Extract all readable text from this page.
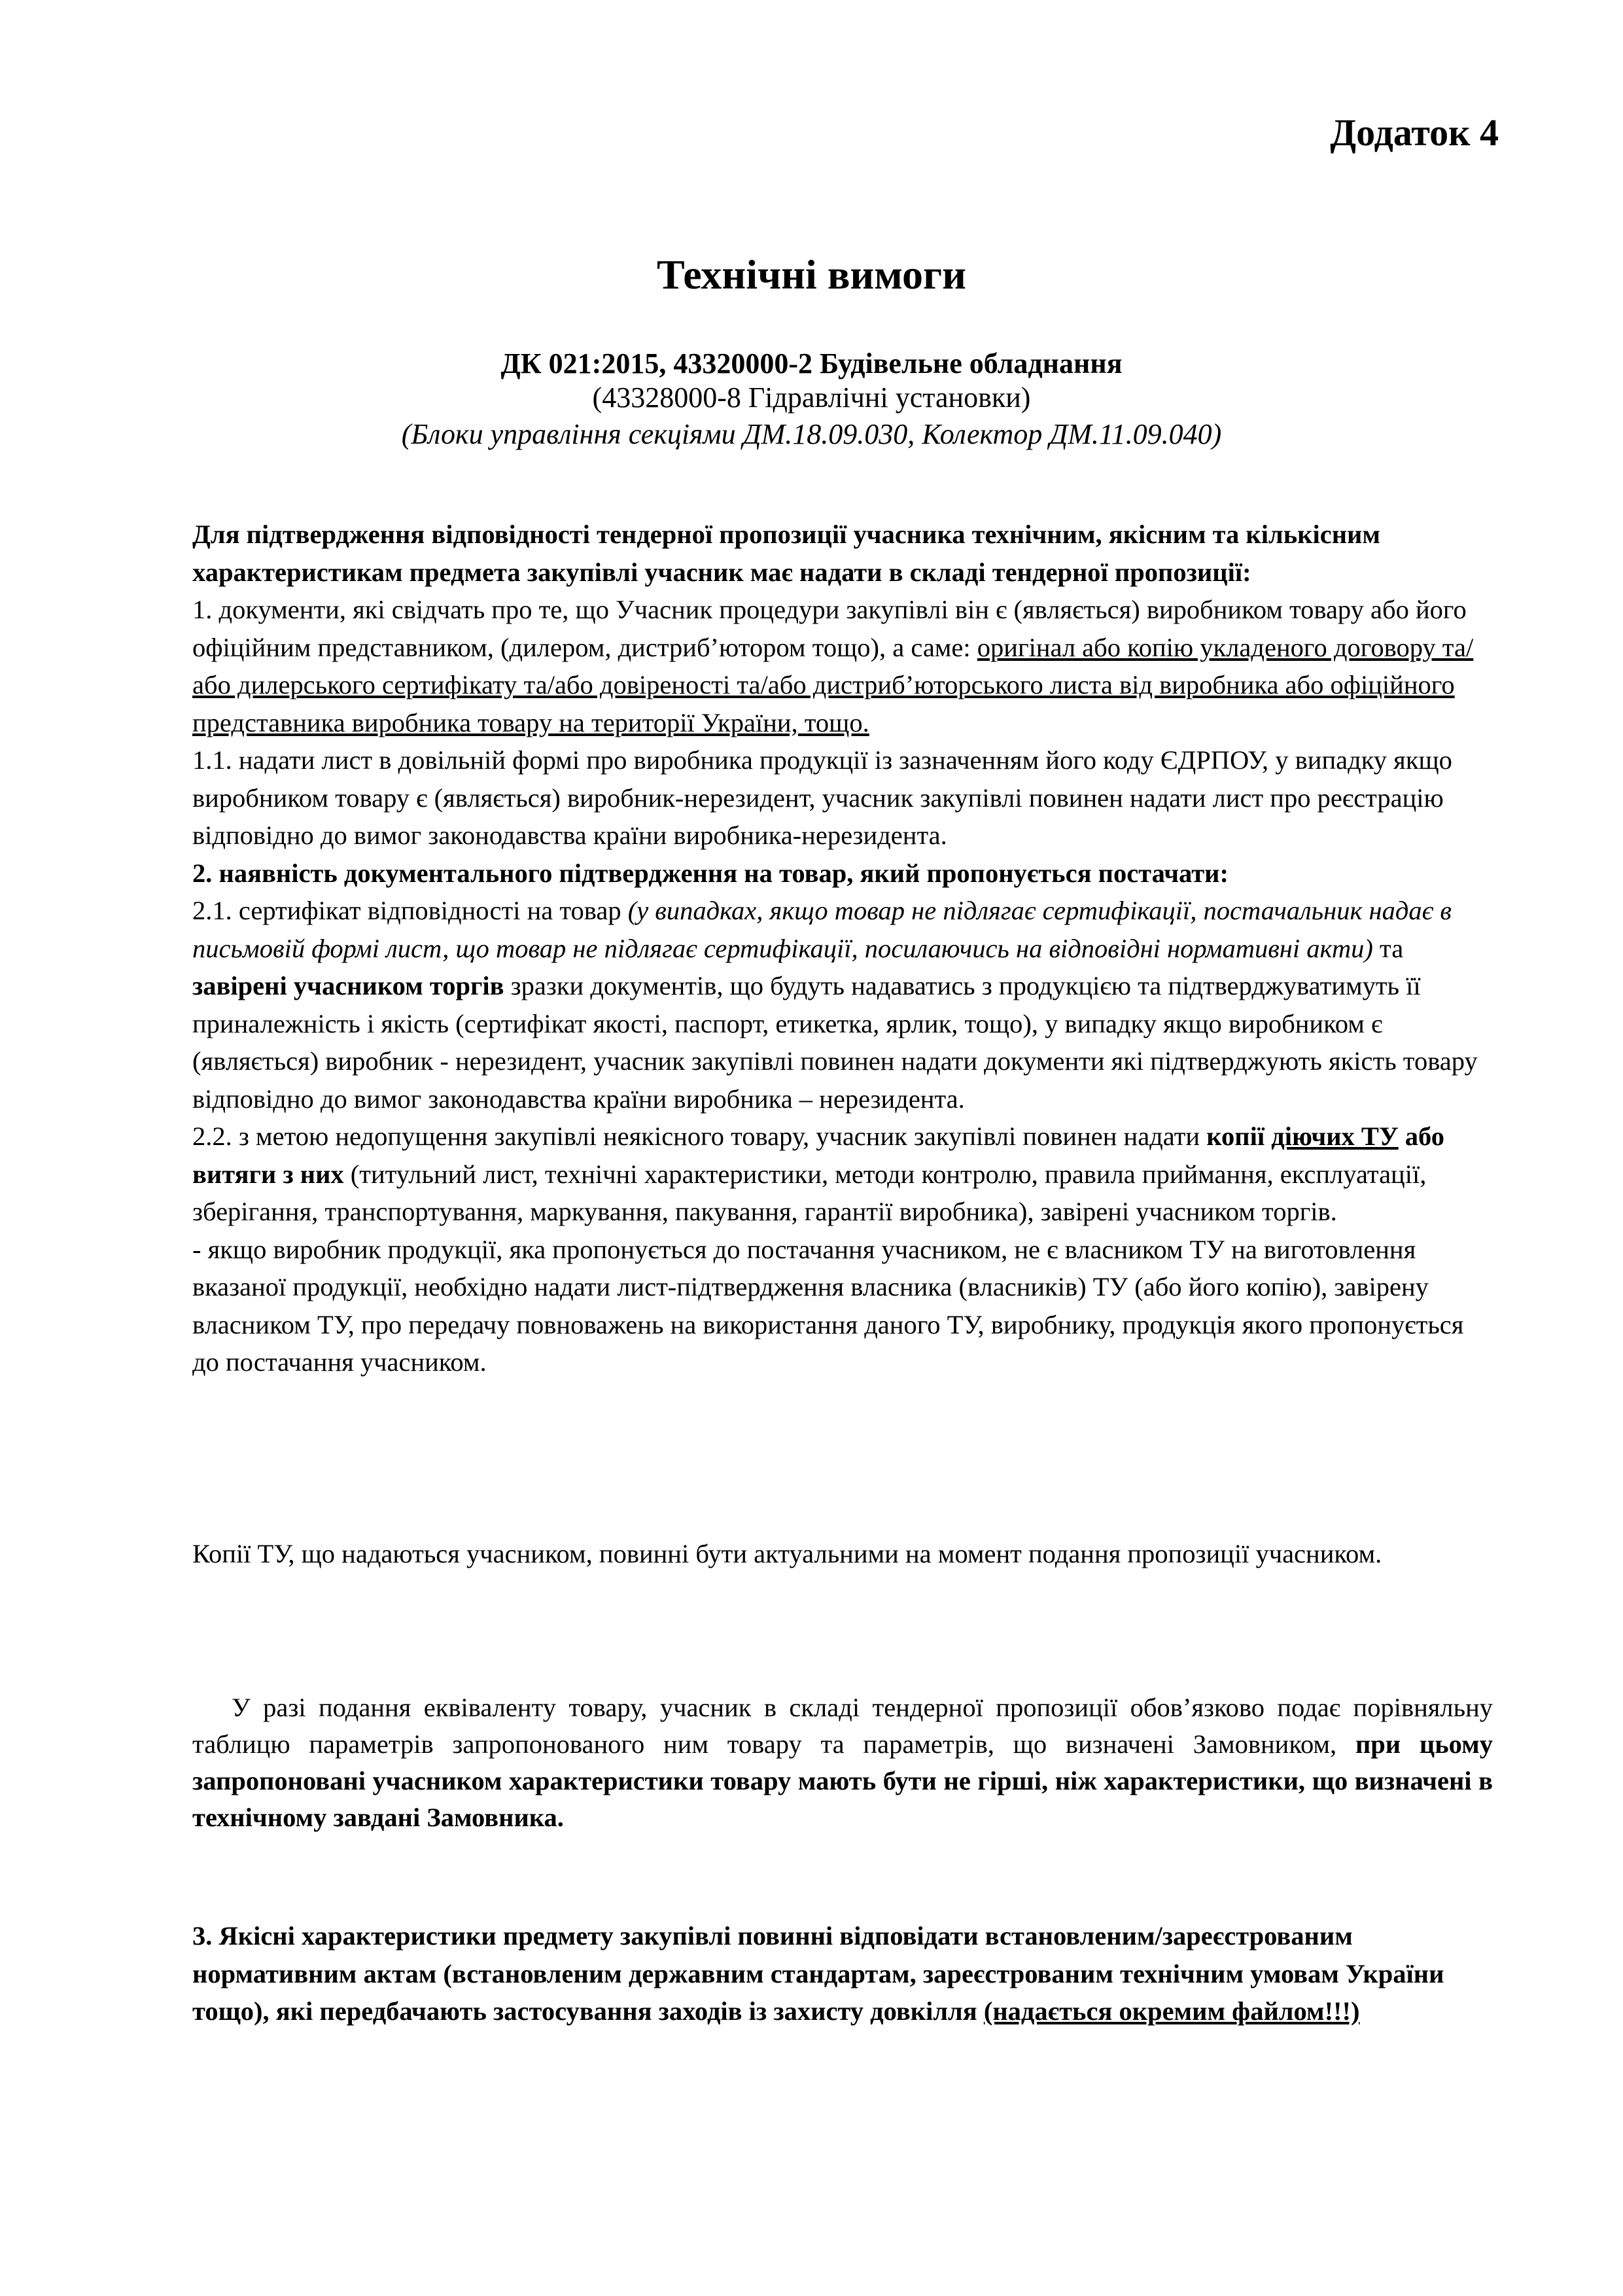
Додаток 4
Технічні вимоги
ДК 021:2015, 43320000-2 Будівельне обладнання
(43328000-8 Гідравлічні установки)
(Блоки управління секціями ДМ.18.09.030, Колектор ДМ.11.09.040)

Для підтвердження відповідності тендерної пропозиції учасника технічним, якісним та кількісним характеристикам предмета закупівлі учасник має надати в складі тендерної пропозиції:

1. документи, які свідчать про те, що Учасник процедури закупівлі він є (являється) виробником товару або його офіційним представником, (дилером, дистриб’ютором тощо), а саме: оригінал або копію укладеного договору та/або дилерського сертифікату та/або довіреності та/або дистриб’юторського листа від виробника або офіційного представника виробника товару на території України, тощо.

1.1. надати лист в довільній формі про виробника продукції із зазначенням його коду ЄДРПОУ, у випадку якщо виробником товару є (являється) виробник-нерезидент, учасник закупівлі повинен надати лист про реєстрацію відповідно до вимог законодавства країни виробника-нерезидента.

2. наявність документального підтвердження на товар, який пропонується постачати:

2.1. сертифікат відповідності на товар (у випадках, якщо товар не підлягає сертифікації, постачальник надає в письмовій формі лист, що товар не підлягає сертифікації, посилаючись на відповідні нормативні акти) та завірені учасником торгів зразки документів, що будуть надаватись з продукцією та підтверджуватимуть її приналежність і якість (сертифікат якості, паспорт, етикетка, ярлик, тощо), у випадку якщо виробником є (являється) виробник - нерезидент, учасник закупівлі повинен надати документи які підтверджують якість товару відповідно до вимог законодавства країни виробника – нерезидента.

2.2. з метою недопущення закупівлі неякісного товару, учасник закупівлі повинен надати копії діючих ТУ або витяги з них (титульний лист, технічні характеристики, методи контролю, правила приймання, експлуатації, зберігання, транспортування, маркування, пакування, гарантії виробника), завірені учасником торгів.

- якщо виробник продукції, яка пропонується до постачання учасником, не є власником ТУ на виготовлення вказаної продукції, необхідно надати лист-підтвердження власника (власників) ТУ (або його копію), завірену власником ТУ, про передачу повноважень на використання даного ТУ, виробнику, продукція якого пропонується до постачання учасником.

Копії ТУ, що надаються учасником, повинні бути актуальними на момент подання пропозиції учасником.

У разі подання еквіваленту товару, учасник в складі тендерної пропозиції обов’язково подає порівняльну таблицю параметрів запропонованого ним товару та параметрів, що визначені Замовником, при цьому запропоновані учасником характеристики товару мають бути не гірші, ніж характеристики, що визначені в технічному завдані Замовника.

3. Якісні характеристики предмету закупівлі повинні відповідати встановленим/зареєстрованим нормативним актам (встановленим державним стандартам, зареєстрованим технічним умовам України тощо), які передбачають застосування заходів із захисту довкілля (надається окремим файлом!!!)
